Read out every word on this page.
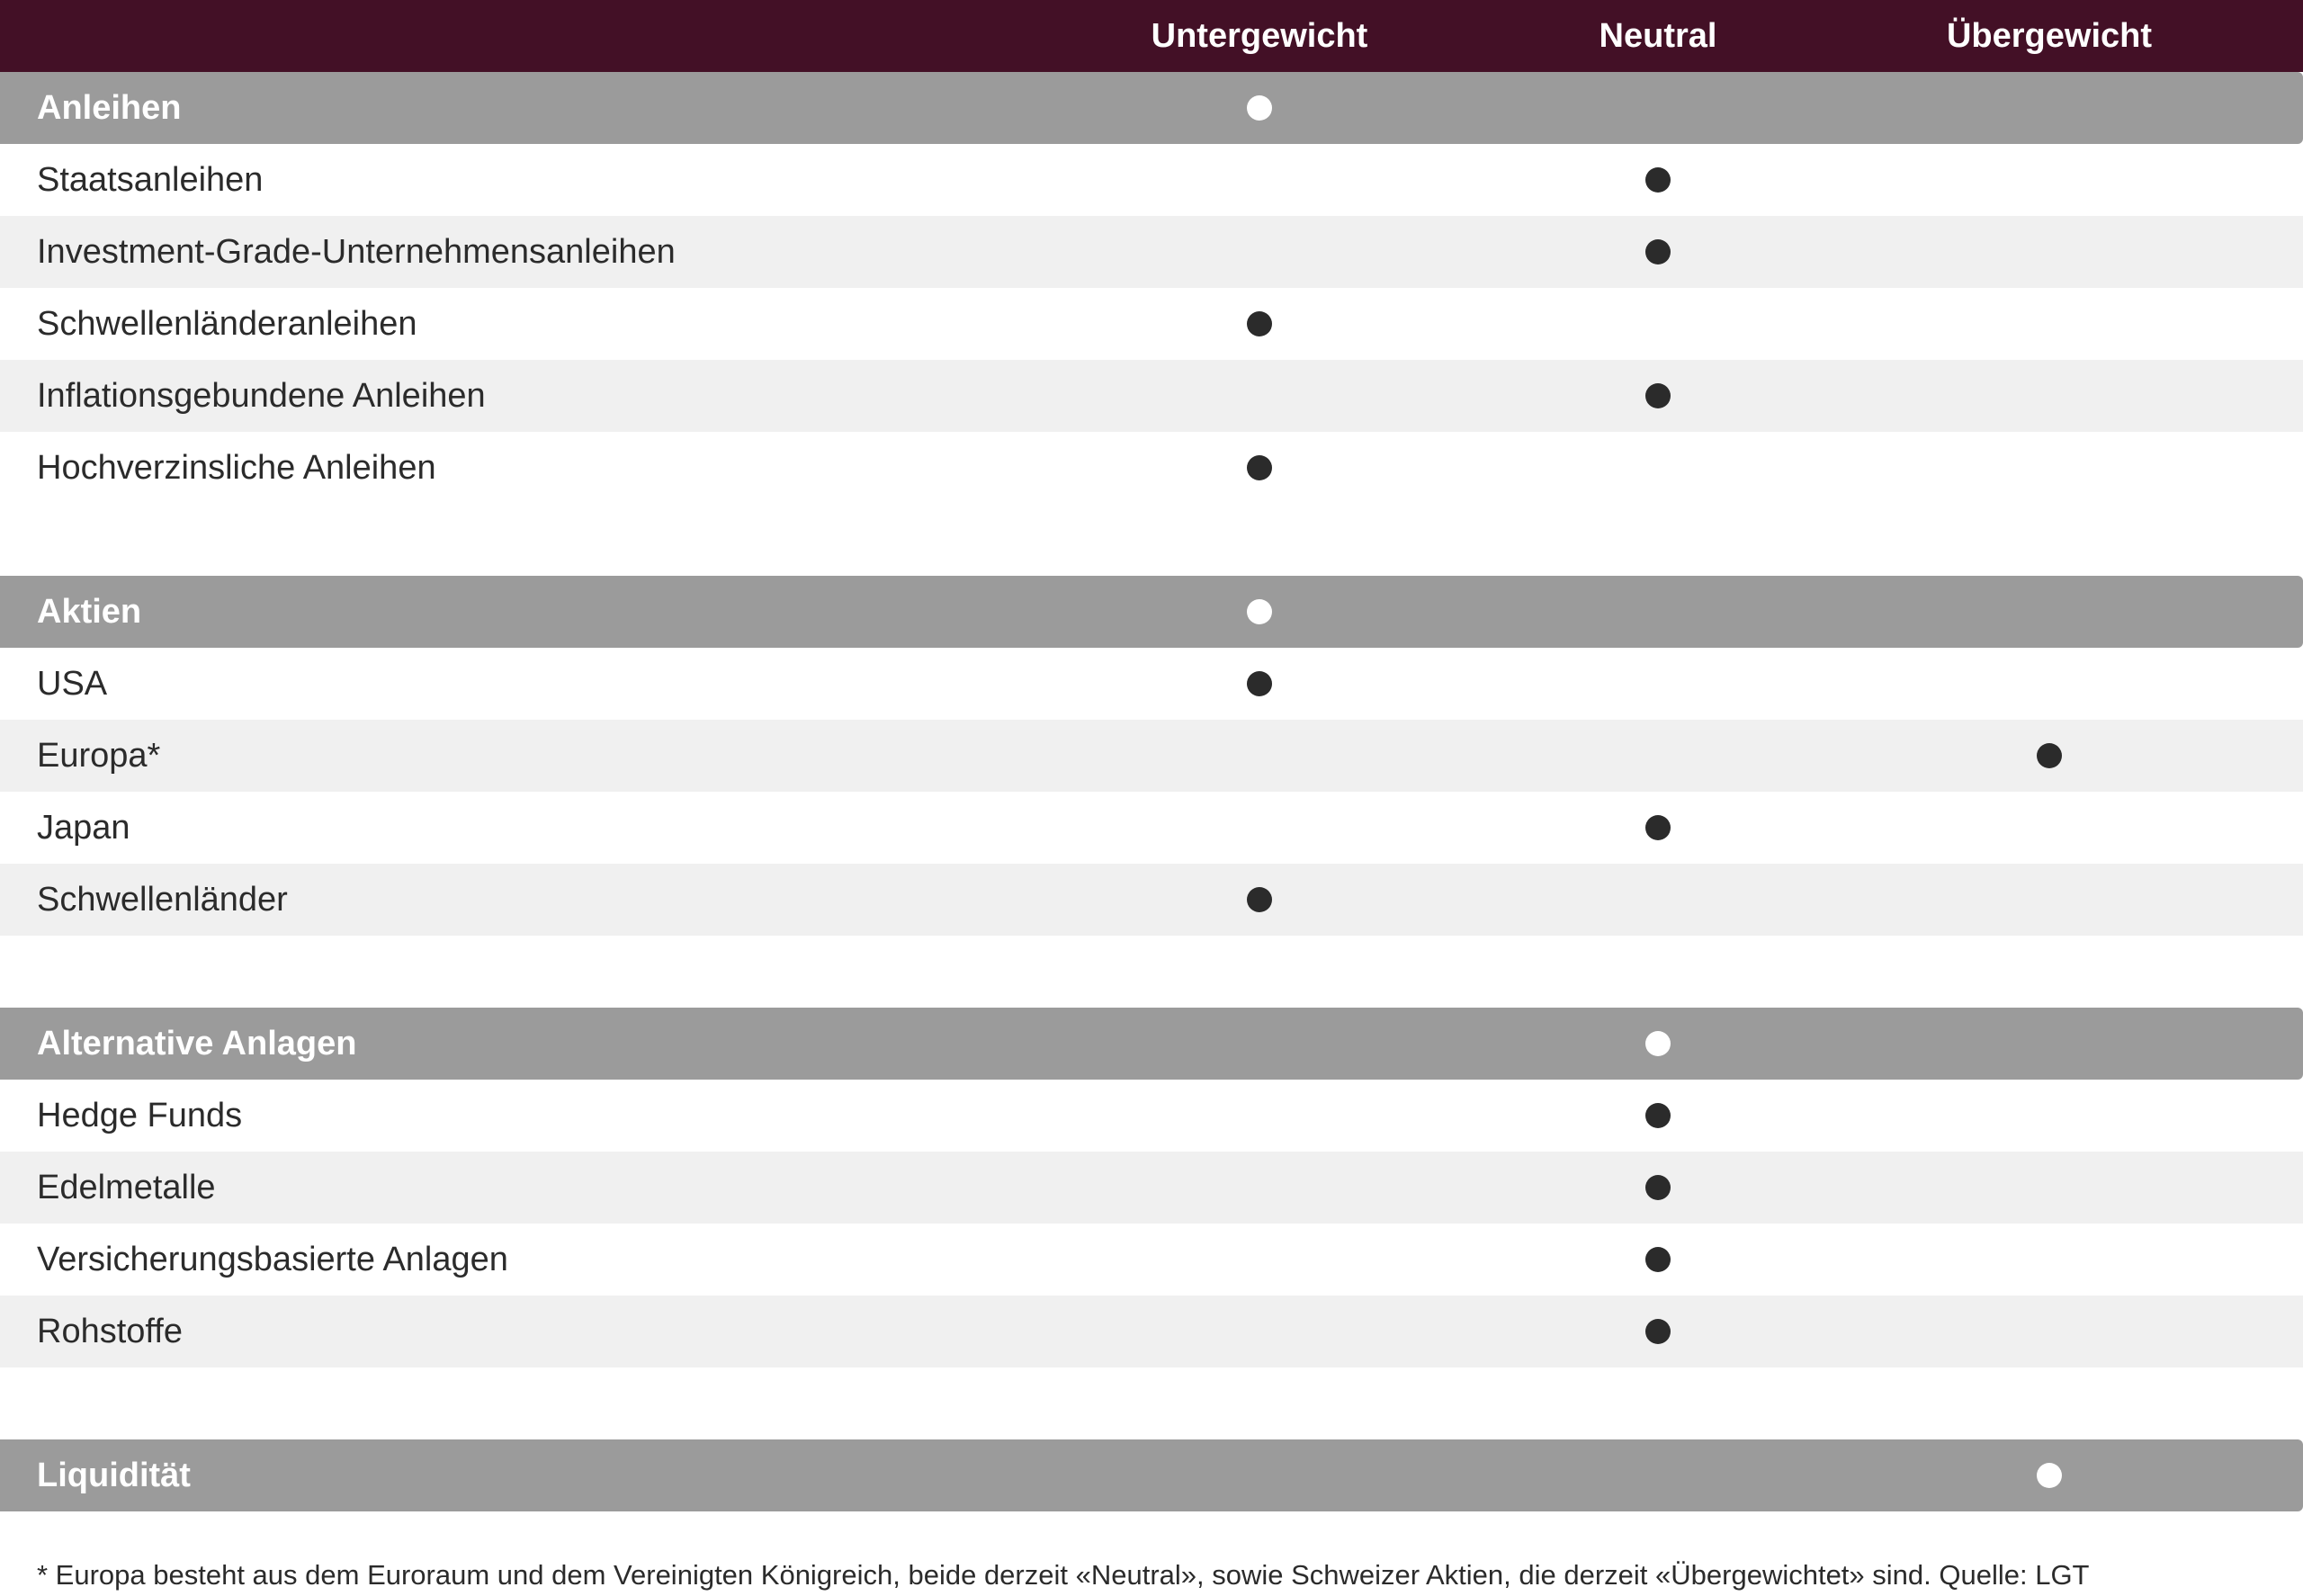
Untergewicht	Neutral	Übergewicht
Anleihen
Staatsanleihen
Investment-Grade-Unternehmensanleihen
Schwellenländeranleihen
Inflationsgebundene Anleihen
Hochverzinsliche Anleihen
Aktien
USA
Europa*
Japan
Schwellenländer
Alternative Anlagen
Hedge Funds
Edelmetalle
Versicherungsbasierte Anlagen
Rohstoffe
Liquidität
* Europa besteht aus dem Euroraum und dem Vereinigten Königreich, beide derzeit «Neutral», sowie Schweizer Aktien, die derzeit «Übergewichtet» sind. Quelle: LGT
